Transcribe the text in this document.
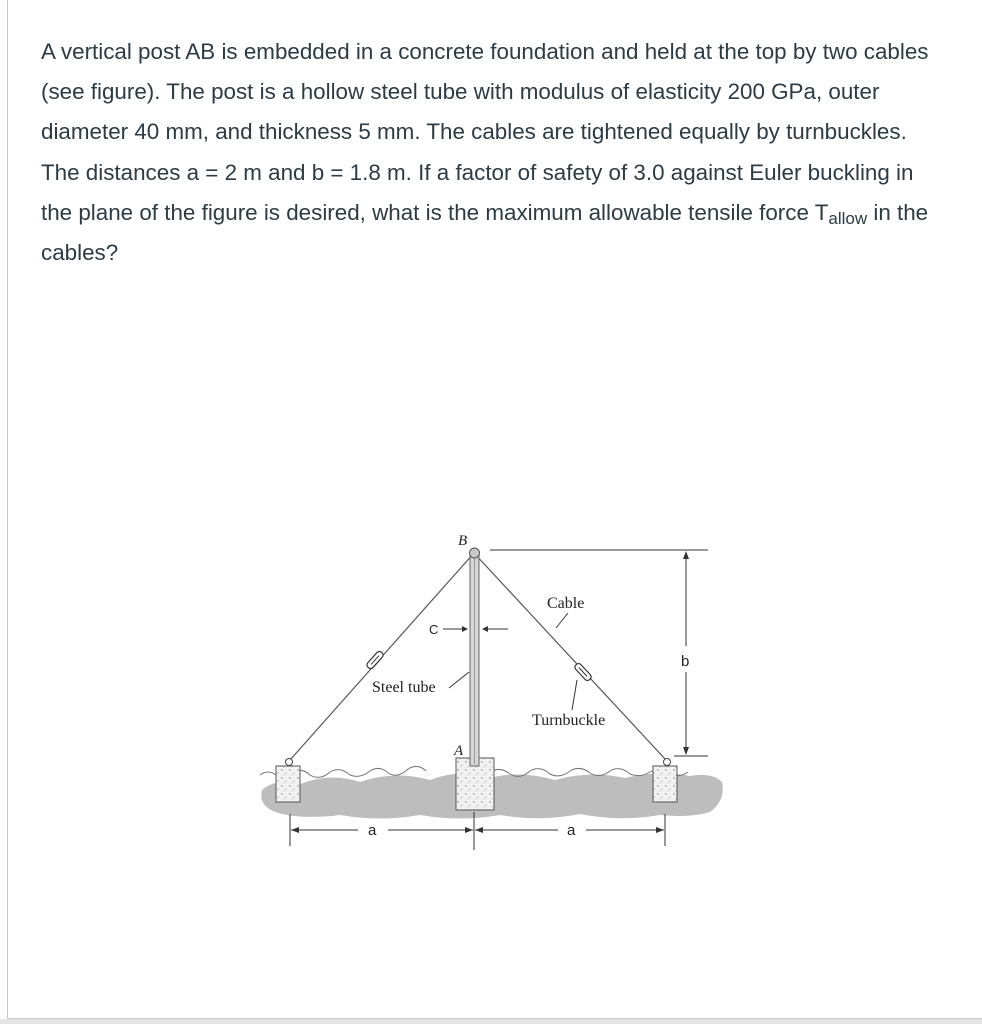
A vertical post AB is embedded in a concrete foundation and held at the top by two cables (see figure). The post is a hollow steel tube with modulus of elasticity 200 GPa, outer diameter 40 mm, and thickness 5 mm. The cables are tightened equally by turnbuckles. The distances a = 2 m and b = 1.8 m. If a factor of safety of 3.0 against Euler buckling in the plane of the figure is desired, what is the maximum allowable tensile force $T_{allow}$ in the cables?

B
A
C
Cable
Steel tube
Turnbuckle
b
a	a
